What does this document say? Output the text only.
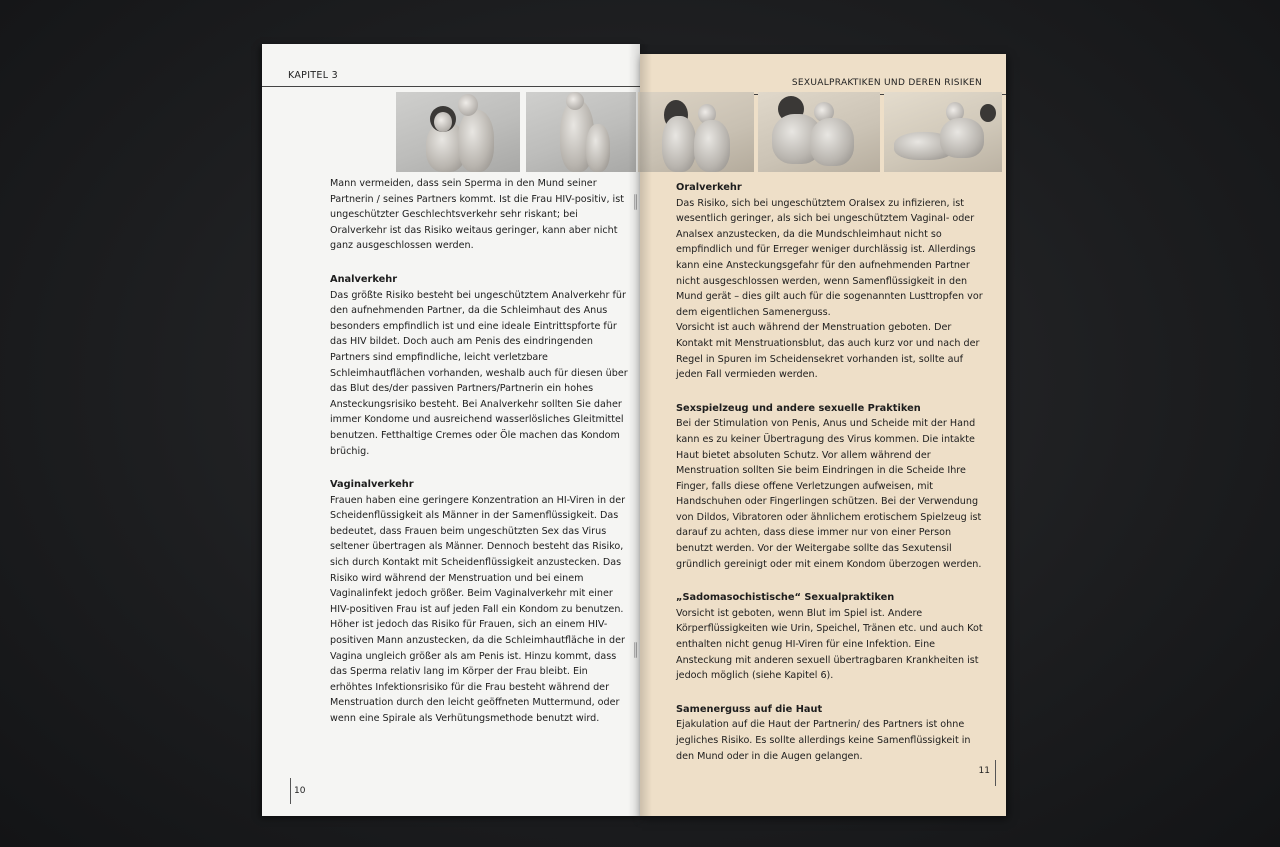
KAPITEL 3

Mann vermeiden, dass sein Sperma in den Mund seiner Partnerin / seines Partners kommt. Ist die Frau HIV-positiv, ist ungeschützter Geschlechtsverkehr sehr riskant; bei Oralverkehr ist das Risiko weitaus geringer, kann aber nicht ganz ausgeschlossen werden.

Analverkehr

Das größte Risiko besteht bei ungeschütztem Analverkehr für den aufnehmenden Partner, da die Schleimhaut des Anus besonders empfindlich ist und eine ideale Eintrittspforte für das HIV bildet. Doch auch am Penis des eindringenden Partners sind empfindliche, leicht verletzbare Schleimhautflächen vorhanden, weshalb auch für diesen über das Blut des/der passiven Partners/Partnerin ein hohes Ansteckungsrisiko besteht. Bei Analverkehr sollten Sie daher immer Kondome und ausreichend wasserlösliches Gleitmittel benutzen. Fetthaltige Cremes oder Öle machen das Kondom brüchig.

Vaginalverkehr

Frauen haben eine geringere Konzentration an HI-Viren in der Scheidenflüssigkeit als Männer in der Samenflüssigkeit. Das bedeutet, dass Frauen beim ungeschützten Sex das Virus seltener übertragen als Männer. Dennoch besteht das Risiko, sich durch Kontakt mit Scheidenflüssigkeit anzustecken. Das Risiko wird während der Menstruation und bei einem Vaginalinfekt jedoch größer. Beim Vaginalverkehr mit einer HIV-positiven Frau ist auf jeden Fall ein Kondom zu benutzen.

Höher ist jedoch das Risiko für Frauen, sich an einem HIV-positiven Mann anzustecken, da die Schleimhautfläche in der Vagina ungleich größer als am Penis ist. Hinzu kommt, dass das Sperma relativ lang im Körper der Frau bleibt. Ein erhöhtes Infektionsrisiko für die Frau besteht während der Menstruation durch den leicht geöffneten Muttermund, oder wenn eine Spirale als Verhütungsmethode benutzt wird.

10
SEXUALPRAKTIKEN UND DEREN RISIKEN

Oralverkehr

Das Risiko, sich bei ungeschütztem Oralsex zu infizieren, ist wesentlich geringer, als sich bei ungeschütztem Vaginal- oder Analsex anzustecken, da die Mundschleimhaut nicht so empfindlich und für Erreger weniger durchlässig ist. Allerdings kann eine Ansteckungsgefahr für den aufnehmenden Partner nicht ausgeschlossen werden, wenn Samenflüssigkeit in den Mund gerät – dies gilt auch für die sogenannten Lusttropfen vor dem eigentlichen Samenerguss.

Vorsicht ist auch während der Menstruation geboten. Der Kontakt mit Menstruationsblut, das auch kurz vor und nach der Regel in Spuren im Scheidensekret vorhanden ist, sollte auf jeden Fall vermieden werden.

Sexspielzeug und andere sexuelle Praktiken

Bei der Stimulation von Penis, Anus und Scheide mit der Hand kann es zu keiner Übertragung des Virus kommen. Die intakte Haut bietet absoluten Schutz. Vor allem während der Menstruation sollten Sie beim Eindringen in die Scheide Ihre Finger, falls diese offene Verletzungen aufweisen, mit Handschuhen oder Fingerlingen schützen. Bei der Verwendung von Dildos, Vibratoren oder ähnlichem erotischem Spielzeug ist darauf zu achten, dass diese immer nur von einer Person benutzt werden. Vor der Weitergabe sollte das Sexutensil gründlich gereinigt oder mit einem Kondom überzogen werden.

„Sadomasochistische“ Sexualpraktiken

Vorsicht ist geboten, wenn Blut im Spiel ist. Andere Körperflüssigkeiten wie Urin, Speichel, Tränen etc. und auch Kot enthalten nicht genug HI-Viren für eine Infektion. Eine Ansteckung mit anderen sexuell übertragbaren Krankheiten ist jedoch möglich (siehe Kapitel 6).

Samenerguss auf die Haut

Ejakulation auf die Haut der Partnerin/ des Partners ist ohne jegliches Risiko. Es sollte allerdings keine Samenflüssigkeit in den Mund oder in die Augen gelangen.

11
